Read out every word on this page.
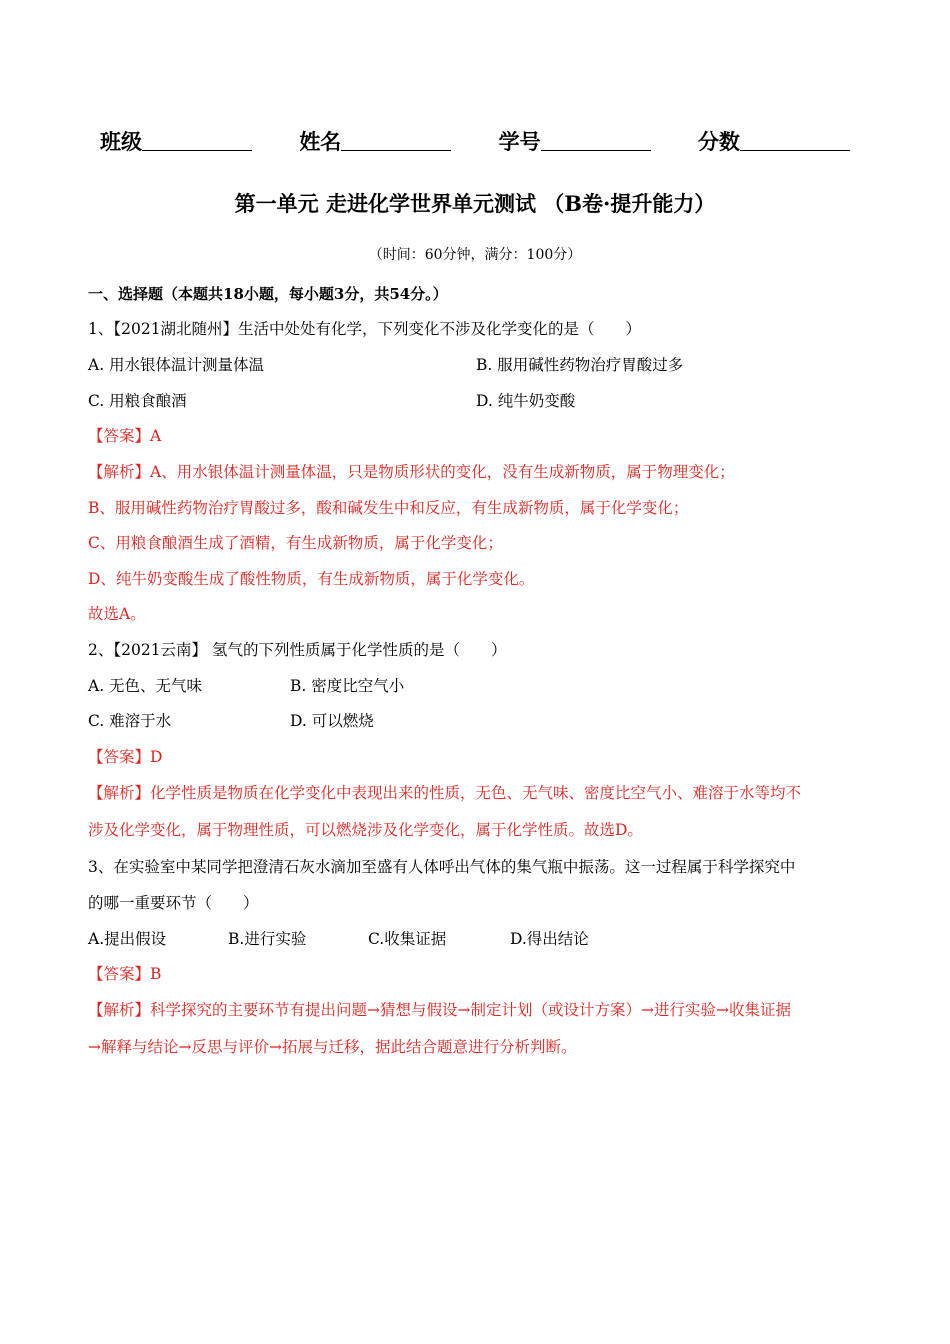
班级	姓名	学号	分数
第一单元 走进化学世界单元测试 （B卷·提升能力）
（时间：60分钟，满分：100分）
一、选择题（本题共18小题，每小题3分，共54分。）
1、【2021湖北随州】生活中处处有化学，下列变化不涉及化学变化的是（　　）
A. 用水银体温计测量体温	B. 服用碱性药物治疗胃酸过多
C. 用粮食酿酒	D. 纯牛奶变酸
【答案】A
【解析】A、用水银体温计测量体温，只是物质形状的变化，没有生成新物质，属于物理变化；
B、服用碱性药物治疗胃酸过多，酸和碱发生中和反应，有生成新物质，属于化学变化；
C、用粮食酿酒生成了酒精，有生成新物质，属于化学变化；
D、纯牛奶变酸生成了酸性物质，有生成新物质，属于化学变化。
故选A。
2、【2021云南】 氢气的下列性质属于化学性质的是（　　）
A. 无色、无气味	B. 密度比空气小
C. 难溶于水	D. 可以燃烧
【答案】D
【解析】化学性质是物质在化学变化中表现出来的性质，无色、无气味、密度比空气小、难溶于水等均不
涉及化学变化，属于物理性质，可以燃烧涉及化学变化，属于化学性质。故选D。
3、在实验室中某同学把澄清石灰水滴加至盛有人体呼出气体的集气瓶中振荡。这一过程属于科学探究中
的哪一重要环节（　　）
A.提出假设	B.进行实验	C.收集证据	D.得出结论
【答案】B
【解析】科学探究的主要环节有提出问题→猜想与假设→制定计划（或设计方案）→进行实验→收集证据
→解释与结论→反思与评价→拓展与迁移，据此结合题意进行分析判断。
